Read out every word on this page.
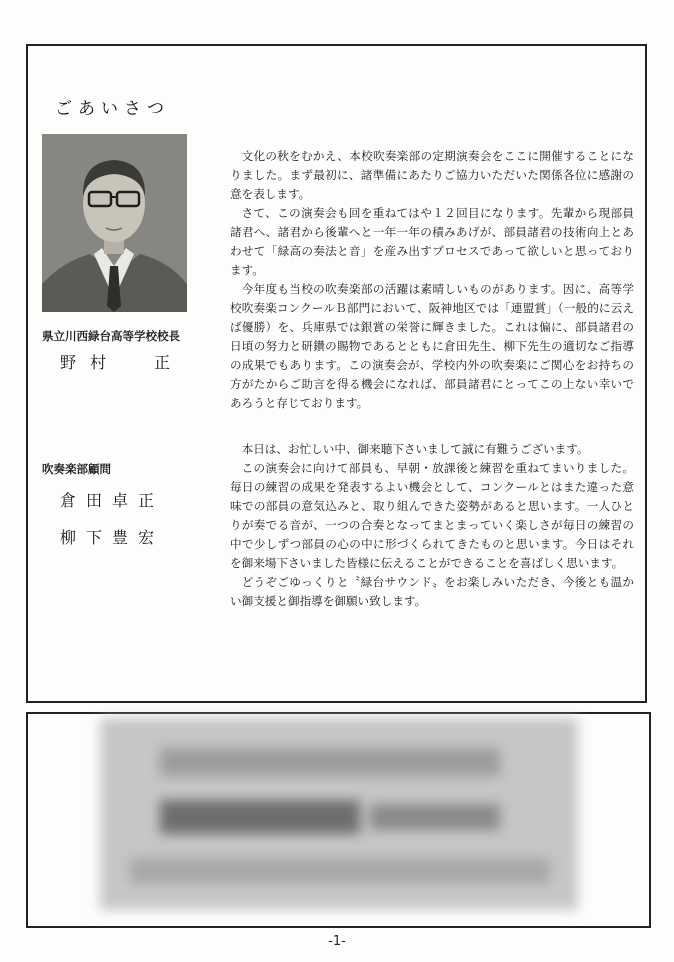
ごあいさつ
県立川西緑台高等学校校長
野村 正

文化の秋をむかえ、本校吹奏楽部の定期演奏会をここに開催することになりました。まず最初に、諸準備にあたりご協力いただいた関係各位に感謝の意を表します。

さて、この演奏会も回を重ねてはや１２回目になります。先輩から現部員諸君へ、諸君から後輩へと一年一年の積みあげが、部員諸君の技術向上とあわせて「緑高の奏法と音」を産み出すプロセスであって欲しいと思っております。

今年度も当校の吹奏楽部の活躍は素晴しいものがあります。因に、高等学校吹奏楽コンクールＢ部門において、阪神地区では「連盟賞」（一般的に云えば優勝）を、兵庫県では銀賞の栄誉に輝きました。これは偏に、部員諸君の日頃の努力と研鑽の賜物であるとともに倉田先生、柳下先生の適切なご指導の成果でもあります。この演奏会が、学校内外の吹奏楽にご関心をお持ちの方がたからご助言を得る機会になれば、部員諸君にとってこの上ない幸いであろうと存じております。

吹奏楽部顧問
倉田卓正
柳下豊宏

本日は、お忙しい中、御来聴下さいまして誠に有難うございます。

この演奏会に向けて部員も、早朝・放課後と練習を重ねてまいりました。毎日の練習の成果を発表するよい機会として、コンクールとはまた違った意味での部員の意気込みと、取り組んできた姿勢があると思います。一人ひとりが奏でる音が、一つの合奏となってまとまっていく楽しさが毎日の練習の中で少しずつ部員の心の中に形づくられてきたものと思います。今日はそれを御来場下さいました皆様に伝えることができることを喜ばしく思います。

どうぞごゆっくりと〝緑台サウンド〟をお楽しみいただき、今後とも温かい御支援と御指導を御願い致します。

-1-
